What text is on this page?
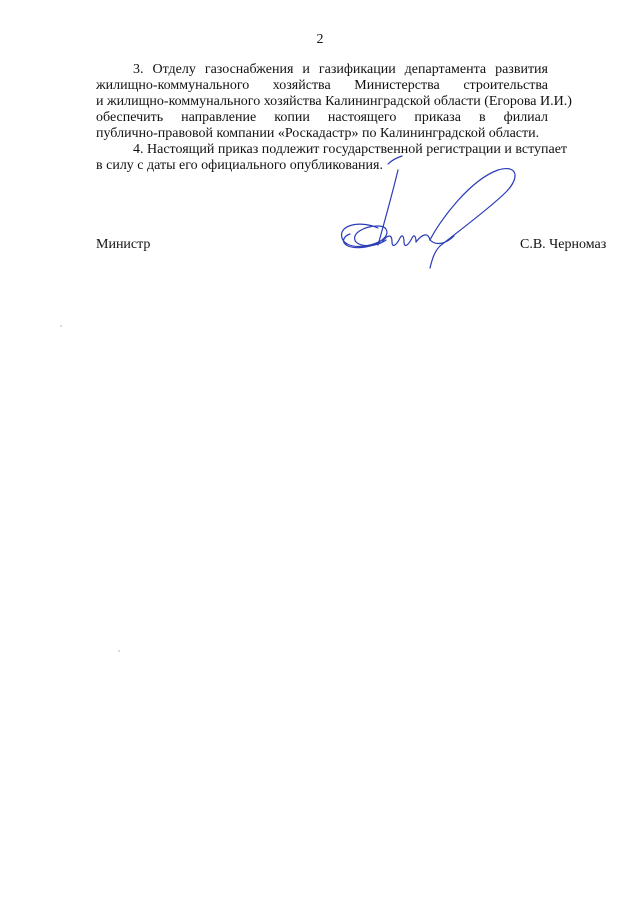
2
3. Отделу газоснабжения и газификации департамента развития
жилищно-коммунального хозяйства Министерства строительства
и жилищно-коммунального хозяйства Калининградской области (Егорова И.И.)
обеспечить направление копии настоящего приказа в филиал
публично-правовой компании «Роскадастр» по Калининградской области.
4. Настоящий приказ подлежит государственной регистрации и вступает
в силу с даты его официального опубликования.
Министр	С.В. Черномаз
